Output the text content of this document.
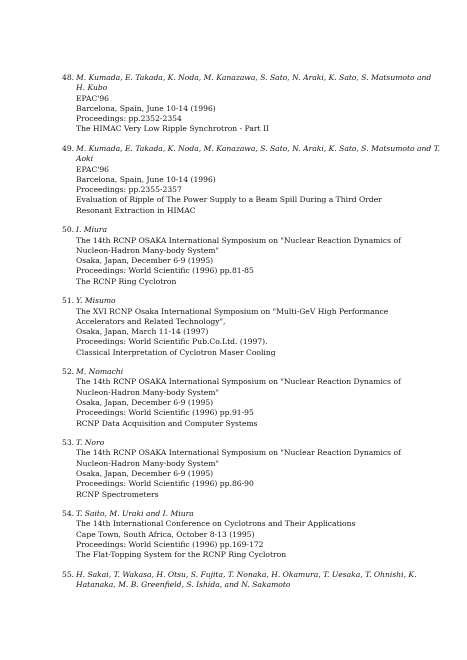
48. M. Kumada, E. Takada, K. Noda, M. Kanazawa, S. Sato, N. Araki, K. Sato, S. Matsumoto and H. Kubo
EPAC'96
Barcelona, Spain, June 10-14 (1996)
Proceedings: pp.2352-2354
The HIMAC Very Low Ripple Synchrotron - Part II
49. M. Kumada, E. Takada, K. Noda, M. Kanazawa, S. Sato, N. Araki, K. Sato, S. Matsumoto and T. Aoki
EPAC'96
Barcelona, Spain, June 10-14 (1996)
Proceedings: pp.2355-2357
Evaluation of Ripple of The Power Supply to a Beam Spill During a Third Order
Resonant Extraction in HIMAC
50. I. Miura
The 14th RCNP OSAKA International Symposium on "Nuclear Reaction Dynamics of
Nucleon-Hadron Many-body System"
Osaka, Japan, December 6-9 (1995)
Proceedings: World Scientific (1996) pp.81-85
The RCNP Ring Cyclotron
51. Y. Misumo
The XVI RCNP Osaka International Symposium on "Multi-GeV High Performance
Accelerators and Related Technology",
Osaka, Japan, March 11-14 (1997)
Proceedings: World Scientific Pub.Co.Ltd. (1997).
Classical Interpretation of Cyclotron Maser Cooling
52. M. Nomachi
The 14th RCNP OSAKA International Symposium on "Nuclear Reaction Dynamics of
Nucleon-Hadron Many-body System"
Osaka, Japan, December 6-9 (1995)
Proceedings: World Scientific (1996) pp.91-95
RCNP Data Acquisition and Computer Systems
53. T. Noro
The 14th RCNP OSAKA International Symposium on "Nuclear Reaction Dynamics of
Nucleon-Hadron Many-body System"
Osaka, Japan, December 6-9 (1995)
Proceedings: World Scientific (1996) pp.86-90
RCNP Spectrometers
54. T. Saito, M. Uraki and I. Miura
The 14th International Conference on Cyclotrons and Their Applications
Cape Town, South Africa, October 8-13 (1995)
Proceedings: World Scientific (1996) pp.169-172
The Flat-Topping System for the RCNP Ring Cyclotron
55. H. Sakai, T. Wakasa, H. Otsu, S. Fujita, T. Nonaka, H. Okamura, T. Uesaka, T. Ohnishi, K. Hatanaka, M. B. Greenfield, S. Ishida, and N. Sakamoto
